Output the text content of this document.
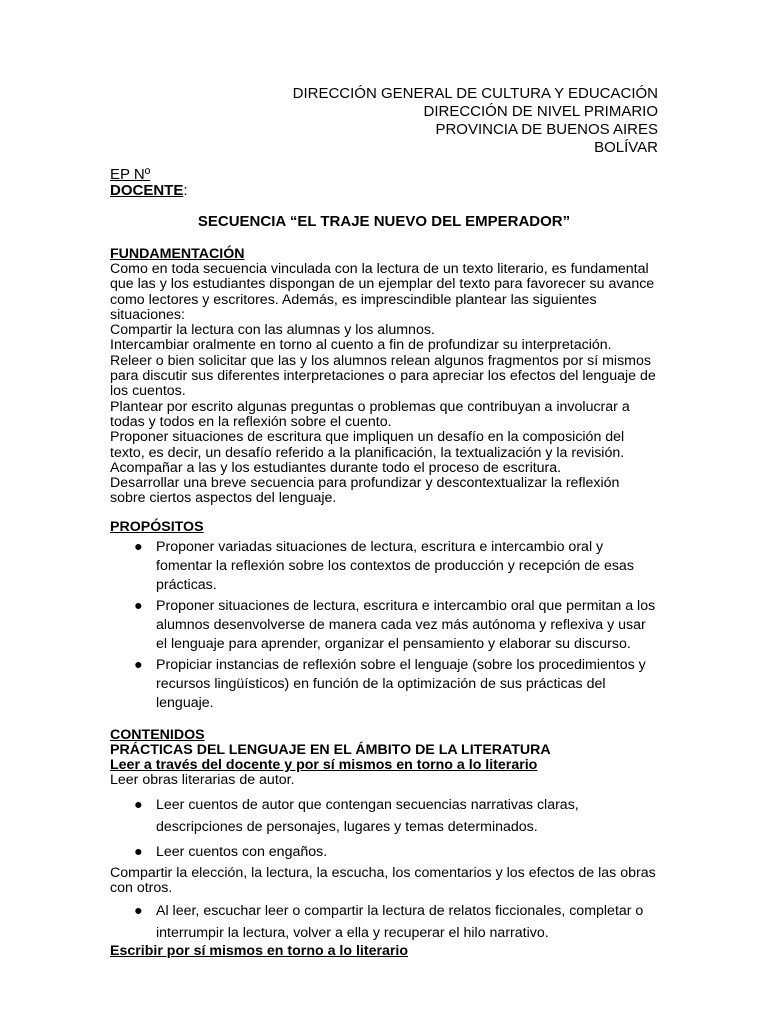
DIRECCIÓN GENERAL DE CULTURA Y EDUCACIÓN
DIRECCIÓN DE NIVEL PRIMARIO
PROVINCIA DE BUENOS AIRES
BOLÍVAR
EP Nº
DOCENTE:
SECUENCIA “EL TRAJE NUEVO DEL EMPERADOR”
FUNDAMENTACIÓN

Como en toda secuencia vinculada con la lectura de un texto literario, es fundamental que las y los estudiantes dispongan de un ejemplar del texto para favorecer su avance como lectores y escritores. Además, es imprescindible plantear las siguientes situaciones:

Compartir la lectura con las alumnas y los alumnos.

Intercambiar oralmente en torno al cuento a fin de profundizar su interpretación.

Releer o bien solicitar que las y los alumnos relean algunos fragmentos por sí mismos para discutir sus diferentes interpretaciones o para apreciar los efectos del lenguaje de los cuentos.

Plantear por escrito algunas preguntas o problemas que contribuyan a involucrar a todas y todos en la reflexión sobre el cuento.

Proponer situaciones de escritura que impliquen un desafío en la composición del texto, es decir, un desafío referido a la planificación, la textualización y la revisión.

Acompañar a las y los estudiantes durante todo el proceso de escritura.

Desarrollar una breve secuencia para profundizar y descontextualizar la reflexión sobre ciertos aspectos del lenguaje.

PROPÓSITOS
● Proponer variadas situaciones de lectura, escritura e intercambio oral y fomentar la reflexión sobre los contextos de producción y recepción de esas prácticas.
● Proponer situaciones de lectura, escritura e intercambio oral que permitan a los alumnos desenvolverse de manera cada vez más autónoma y reflexiva y usar el lenguaje para aprender, organizar el pensamiento y elaborar su discurso.
● Propiciar instancias de reflexión sobre el lenguaje (sobre los procedimientos y recursos lingüísticos) en función de la optimización de sus prácticas del lenguaje.
CONTENIDOS
PRÁCTICAS DEL LENGUAJE EN EL ÁMBITO DE LA LITERATURA
Leer a través del docente y por sí mismos en torno a lo literario

Leer obras literarias de autor.

● Leer cuentos de autor que contengan secuencias narrativas claras, descripciones de personajes, lugares y temas determinados.
● Leer cuentos con engaños.

Compartir la elección, la lectura, la escucha, los comentarios y los efectos de las obras con otros.

● Al leer, escuchar leer o compartir la lectura de relatos ficcionales, completar o interrumpir la lectura, volver a ella y recuperar el hilo narrativo.
Escribir por sí mismos en torno a lo literario
